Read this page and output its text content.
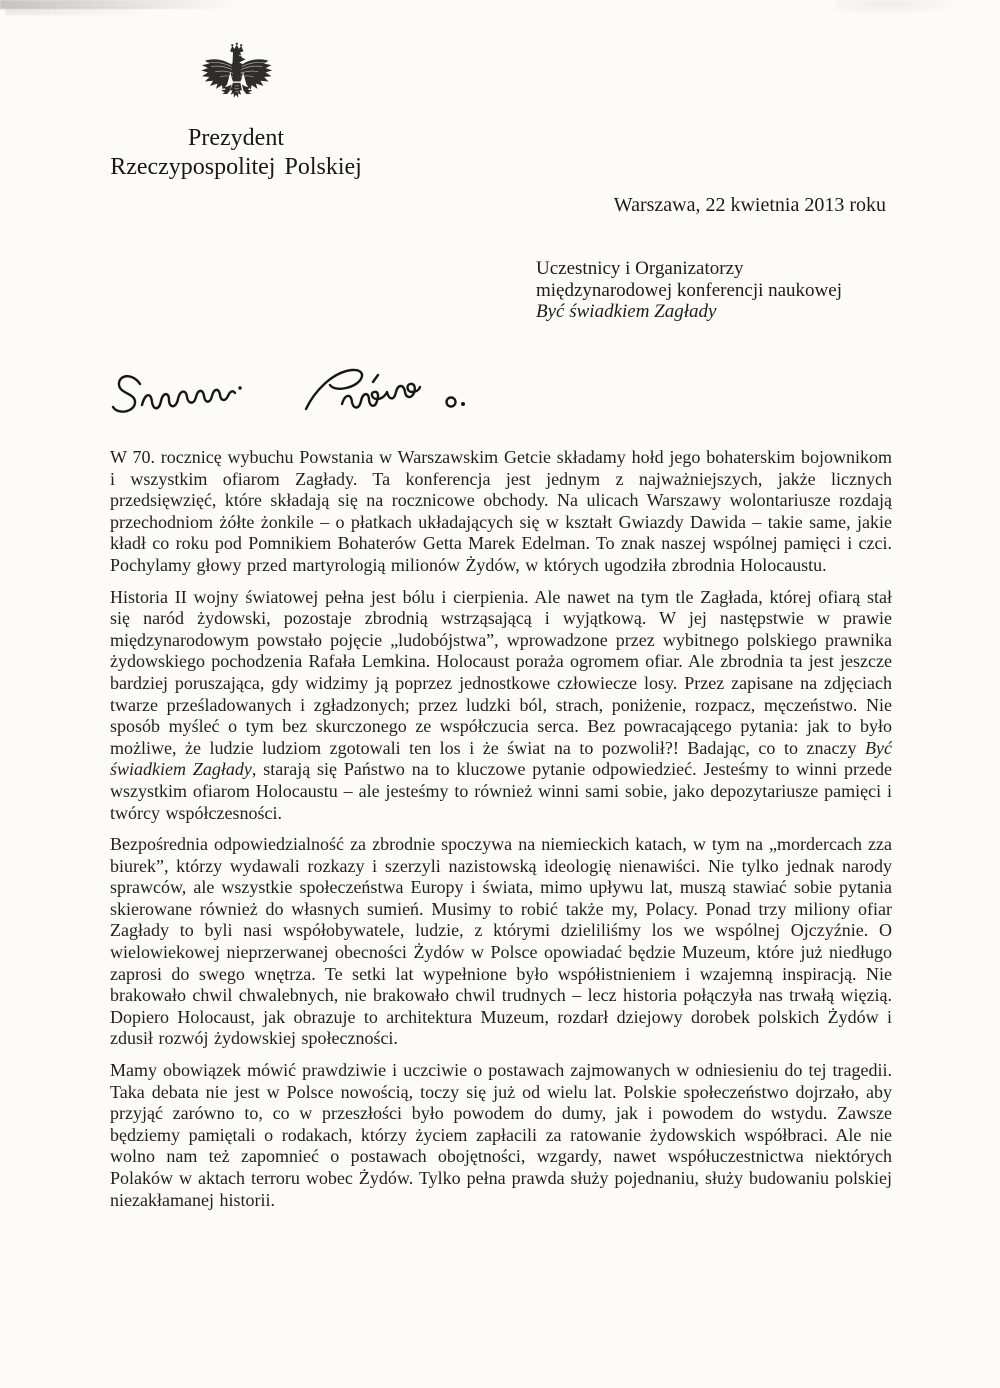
Prezydent
Rzeczypospolitej Polskiej
Warszawa, 22 kwietnia 2013 roku
Uczestnicy i Organizatorzy
międzynarodowej konferencji naukowej
Być świadkiem Zagłady

W 70. rocznicę wybuchu Powstania w Warszawskim Getcie składamy hołd jego bohaterskim bojownikom i wszystkim ofiarom Zagłady. Ta konferencja jest jednym z najważniejszych, jakże licznych przedsięwzięć, które składają się na rocznicowe obchody. Na ulicach Warszawy wolontariusze rozdają przechodniom żółte żonkile – o płatkach układających się w kształt Gwiazdy Dawida – takie same, jakie kładł co roku pod Pomnikiem Bohaterów Getta Marek Edelman. To znak naszej wspólnej pamięci i czci. Pochylamy głowy przed martyrologią milionów Żydów, w których ugodziła zbrodnia Holocaustu.

Historia II wojny światowej pełna jest bólu i cierpienia. Ale nawet na tym tle Zagłada, której ofiarą stał się naród żydowski, pozostaje zbrodnią wstrząsającą i wyjątkową. W jej następstwie w prawie międzynarodowym powstało pojęcie „ludobójstwa”, wprowadzone przez wybitnego polskiego prawnika żydowskiego pochodzenia Rafała Lemkina. Holocaust poraża ogromem ofiar. Ale zbrodnia ta jest jeszcze bardziej poruszająca, gdy widzimy ją poprzez jednostkowe człowiecze losy. Przez zapisane na zdjęciach twarze prześladowanych i zgładzonych; przez ludzki ból, strach, poniżenie, rozpacz, męczeństwo. Nie sposób myśleć o tym bez skurczonego ze współczucia serca. Bez powracającego pytania: jak to było możliwe, że ludzie ludziom zgotowali ten los i że świat na to pozwolił?! Badając, co to znaczy Być świadkiem Zagłady, starają się Państwo na to kluczowe pytanie odpowiedzieć. Jesteśmy to winni przede wszystkim ofiarom Holocaustu – ale jesteśmy to również winni sami sobie, jako depozytariusze pamięci i twórcy współczesności.

Bezpośrednia odpowiedzialność za zbrodnie spoczywa na niemieckich katach, w tym na „mordercach zza biurek”, którzy wydawali rozkazy i szerzyli nazistowską ideologię nienawiści. Nie tylko jednak narody sprawców, ale wszystkie społeczeństwa Europy i świata, mimo upływu lat, muszą stawiać sobie pytania skierowane również do własnych sumień. Musimy to robić także my, Polacy. Ponad trzy miliony ofiar Zagłady to byli nasi współobywatele, ludzie, z którymi dzieliliśmy los we wspólnej Ojczyźnie. O wielowiekowej nieprzerwanej obecności Żydów w Polsce opowiadać będzie Muzeum, które już niedługo zaprosi do swego wnętrza. Te setki lat wypełnione było współistnieniem i wzajemną inspiracją. Nie brakowało chwil chwalebnych, nie brakowało chwil trudnych – lecz historia połączyła nas trwałą więzią. Dopiero Holocaust, jak obrazuje to architektura Muzeum, rozdarł dziejowy dorobek polskich Żydów i zdusił rozwój żydowskiej społeczności.

Mamy obowiązek mówić prawdziwie i uczciwie o postawach zajmowanych w odniesieniu do tej tragedii. Taka debata nie jest w Polsce nowością, toczy się już od wielu lat. Polskie społeczeństwo dojrzało, aby przyjąć zarówno to, co w przeszłości było powodem do dumy, jak i powodem do wstydu. Zawsze będziemy pamiętali o rodakach, którzy życiem zapłacili za ratowanie żydowskich współbraci. Ale nie wolno nam też zapomnieć o postawach obojętności, wzgardy, nawet współuczestnictwa niektórych Polaków w aktach terroru wobec Żydów. Tylko pełna prawda służy pojednaniu, służy budowaniu polskiej niezakłamanej historii.
